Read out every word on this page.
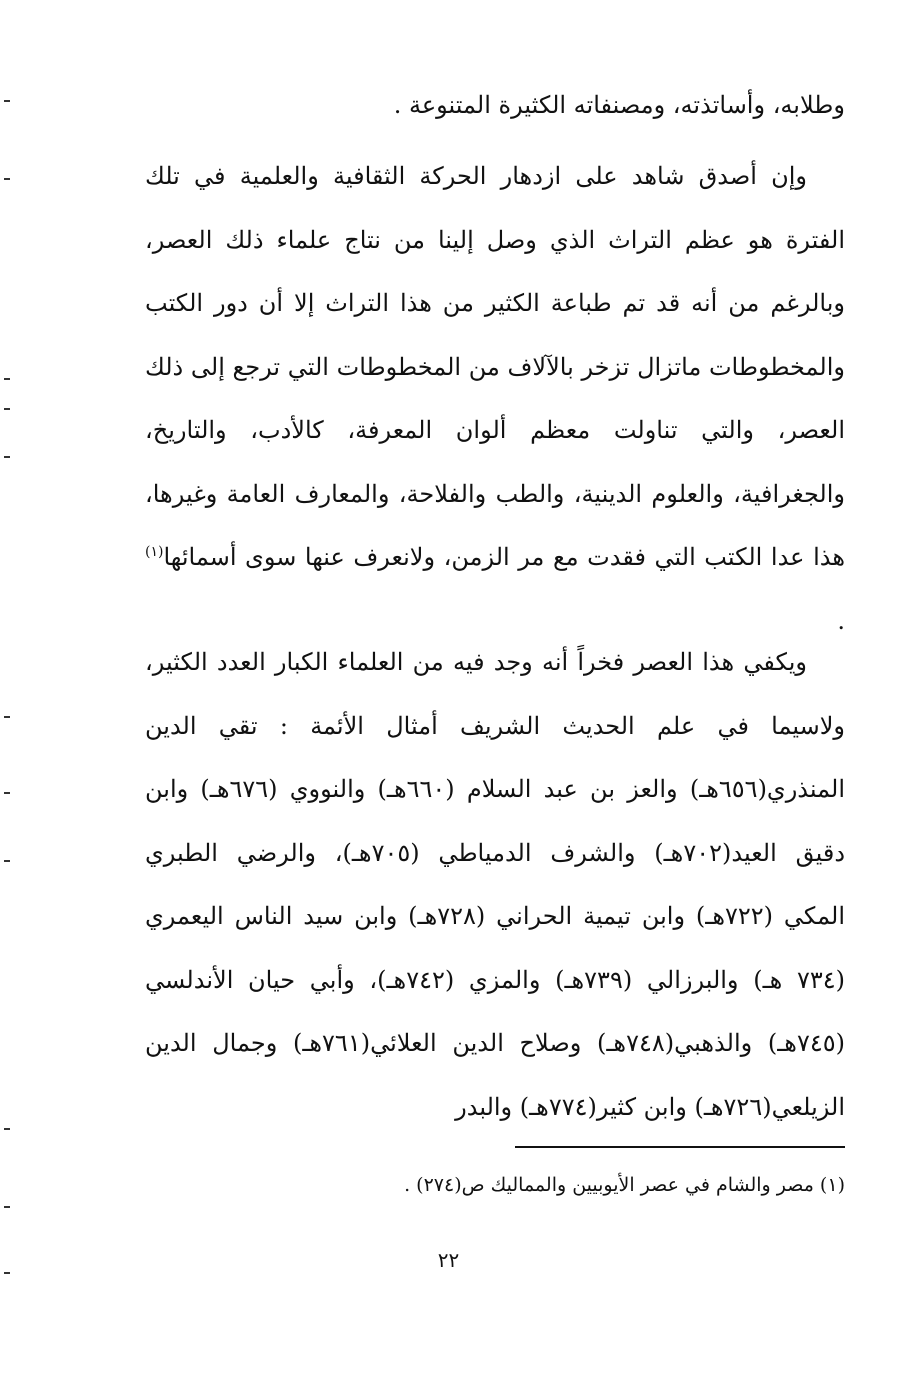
وطلابه، وأساتذته، ومصنفاته الكثيرة المتنوعة .
وإن أصدق شاهد على ازدهار الحركة الثقافية والعلمية في تلك الفترة هو عظم التراث الذي وصل إلينا من نتاج علماء ذلك العصر، وبالرغم من أنه قد تم طباعة الكثير من هذا التراث إلا أن دور الكتب والمخطوطات ماتزال تزخر بالآلاف من المخطوطات التي ترجع إلى ذلك العصر، والتي تناولت معظم ألوان المعرفة، كالأدب، والتاريخ، والجغرافية، والعلوم الدينية، والطب والفلاحة، والمعارف العامة وغيرها، هذا عدا الكتب التي فقدت مع مر الزمن، ولانعرف عنها سوى أسمائها$^{(١)}$ .
ويكفي هذا العصر فخراً أنه وجد فيه من العلماء الكبار العدد الكثير، ولاسيما في علم الحديث الشريف أمثال الأئمة : تقي الدين المنذري(٦٥٦هـ) والعز بن عبد السلام (٦٦٠هـ) والنووي (٦٧٦هـ) وابن دقيق العيد(٧٠٢هـ) والشرف الدمياطي (٧٠٥هـ)، والرضي الطبري المكي (٧٢٢هـ) وابن تيمية الحراني (٧٢٨هـ) وابن سيد الناس اليعمري (٧٣٤ هـ) والبرزالي (٧٣٩هـ) والمزي (٧٤٢هـ)، وأبي حيان الأندلسي (٧٤٥هـ) والذهبي(٧٤٨هـ) وصلاح الدين العلائي(٧٦١هـ) وجمال الدين الزيلعي(٧٢٦هـ) وابن كثير(٧٧٤هـ) والبدر
(١) مصر والشام في عصر الأيوبيين والمماليك ص(٢٧٤) .
٢٢
